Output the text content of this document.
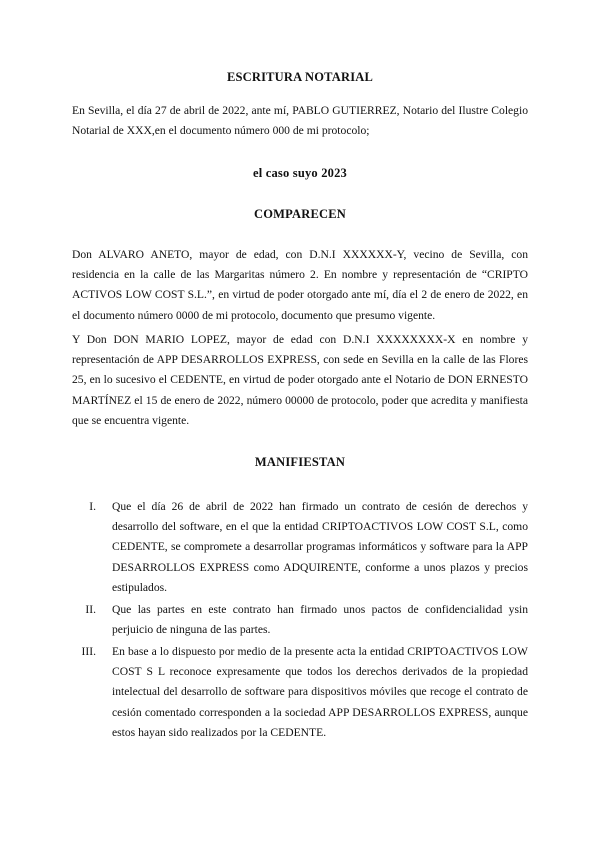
ESCRITURA NOTARIAL
En Sevilla, el día 27 de abril de 2022, ante mí, PABLO GUTIERREZ, Notario del Ilustre Colegio Notarial de XXX,en el documento número 000 de mi protocolo;
el caso suyo 2023
COMPARECEN
Don ALVARO ANETO, mayor de edad, con D.N.I XXXXXX-Y, vecino de Sevilla, con residencia en la calle de las Margaritas número 2. En nombre y representación de “CRIPTO ACTIVOS LOW COST S.L.”, en virtud de poder otorgado ante mí, día el 2 de enero de 2022, en el documento número 0000 de mi protocolo, documento que presumo vigente.
Y Don DON MARIO LOPEZ, mayor de edad con D.N.I XXXXXXXX-X en nombre y representación de APP DESARROLLOS EXPRESS, con sede en Sevilla en la calle de las Flores 25, en lo sucesivo el CEDENTE, en virtud de poder otorgado ante el Notario de DON ERNESTO MARTÍNEZ el 15 de enero de 2022, número 00000 de protocolo, poder que acredita y manifiesta que se encuentra vigente.
MANIFIESTAN
I. Que el día 26 de abril de 2022 han firmado un contrato de cesión de derechos y desarrollo del software, en el que la entidad CRIPTOACTIVOS LOW COST S.L, como CEDENTE, se compromete a desarrollar programas informáticos y software para la APP DESARROLLOS EXPRESS como ADQUIRENTE, conforme a unos plazos y precios estipulados.
II. Que las partes en este contrato han firmado unos pactos de confidencialidad ysin perjuicio de ninguna de las partes.
III. En base a lo dispuesto por medio de la presente acta la entidad CRIPTOACTIVOS LOW COST S L reconoce expresamente que todos los derechos derivados de la propiedad intelectual del desarrollo de software para dispositivos móviles que recoge el contrato de cesión comentado corresponden a la sociedad APP DESARROLLOS EXPRESS, aunque estos hayan sido realizados por la CEDENTE.
